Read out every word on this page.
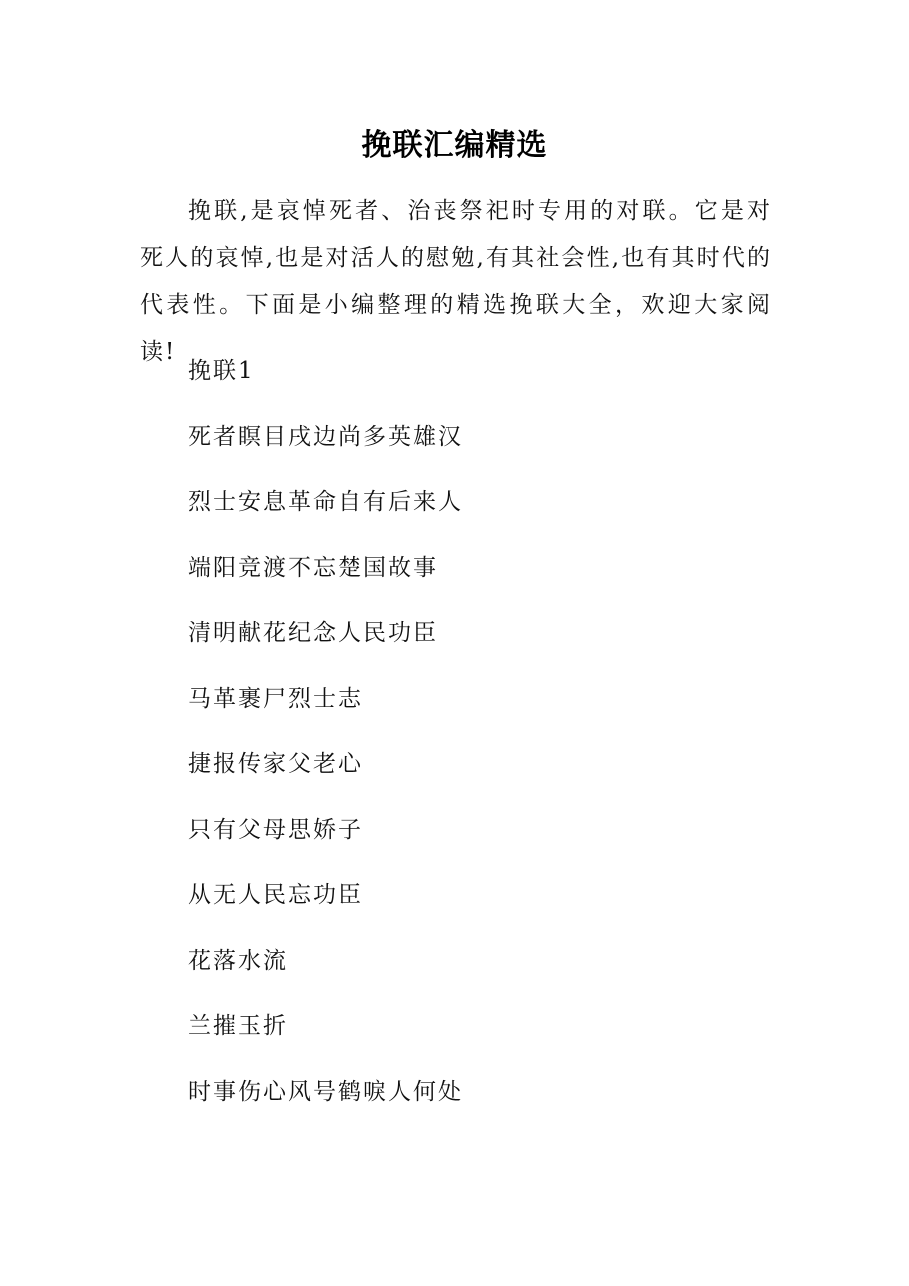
挽联汇编精选

挽联,是哀悼死者、治丧祭祀时专用的对联。它是对死人的哀悼,也是对活人的慰勉,有其社会性,也有其时代的代表性。下面是小编整理的精选挽联大全，欢迎大家阅读!

挽联1
死者瞑目戌边尚多英雄汉
烈士安息革命自有后来人
端阳竞渡不忘楚国故事
清明献花纪念人民功臣
马革裹尸烈士志
捷报传家父老心
只有父母思娇子
从无人民忘功臣
花落水流
兰摧玉折
时事伤心风号鹤唳人何处
